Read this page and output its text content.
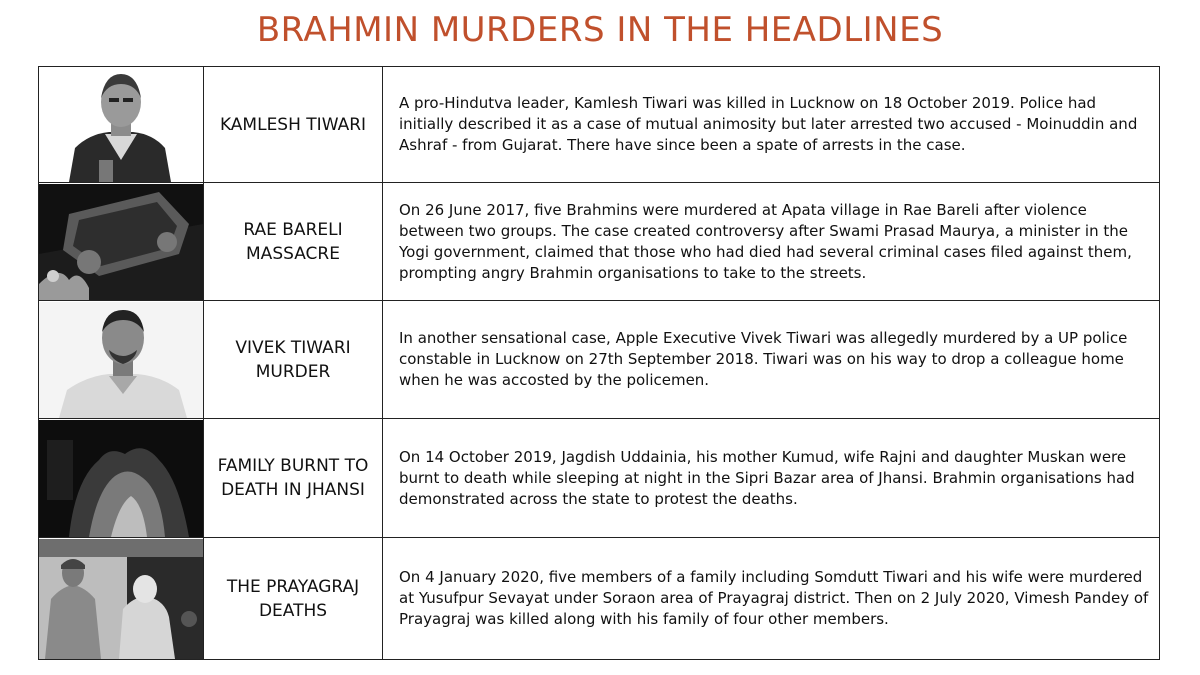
BRAHMIN MURDERS IN THE HEADLINES
	KAMLESH TIWARI	A pro-Hindutva leader, Kamlesh Tiwari was killed in Lucknow on 18 October 2019. Police had initially described it as a case of mutual animosity but later arrested two accused - Moinuddin and Ashraf - from Gujarat. There have since been a spate of arrests in the case.

	RAE BARELI MASSACRE	On 26 June 2017, five Brahmins were murdered at Apata village in Rae Bareli after violence between two groups. The case created controversy after Swami Prasad Maurya, a minister in the Yogi government, claimed that those who had died had several criminal cases filed against them, prompting angry Brahmin organisations to take to the streets.

	VIVEK TIWARI MURDER	In another sensational case, Apple Executive Vivek Tiwari was allegedly murdered by a UP police constable in Lucknow on 27th September 2018. Tiwari was on his way to drop a colleague home when he was accosted by the policemen.

	FAMILY BURNT TO DEATH IN JHANSI	On 14 October 2019, Jagdish Uddainia, his mother Kumud, wife Rajni and daughter Muskan were burnt to death while sleeping at night in the Sipri Bazar area of Jhansi. Brahmin organisations had demonstrated across the state to protest the deaths.

	THE PRAYAGRAJ DEATHS	On 4 January 2020, five members of a family including Somdutt Tiwari and his wife were murdered at Yusufpur Sevayat under Soraon area of Prayagraj district. Then on 2 July 2020, Vimesh Pandey of Prayagraj was killed along with his family of four other members.
